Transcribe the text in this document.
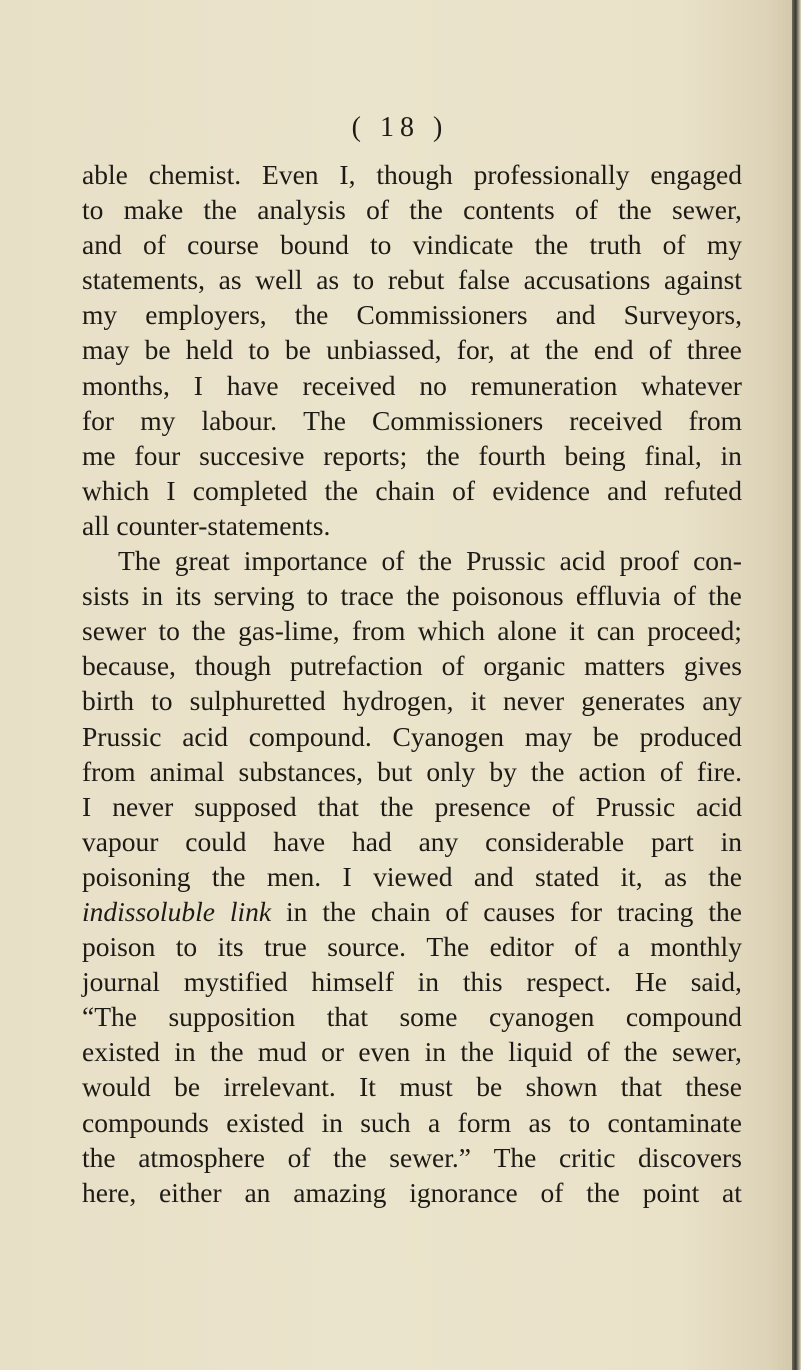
( 18 )
able chemist. Even I, though professionally engaged
to make the analysis of the contents of the sewer,
and of course bound to vindicate the truth of my
statements, as well as to rebut false accusations against
my employers, the Commissioners and Surveyors,
may be held to be unbiassed, for, at the end of three
months, I have received no remuneration whatever
for my labour. The Commissioners received from
me four succesive reports; the fourth being final, in
which I completed the chain of evidence and refuted
all counter-statements.
The great importance of the Prussic acid proof con-
sists in its serving to trace the poisonous effluvia of the
sewer to the gas-lime, from which alone it can proceed;
because, though putrefaction of organic matters gives
birth to sulphuretted hydrogen, it never generates any
Prussic acid compound. Cyanogen may be produced
from animal substances, but only by the action of fire.
I never supposed that the presence of Prussic acid
vapour could have had any considerable part in
poisoning the men. I viewed and stated it, as the
indissoluble link in the chain of causes for tracing the
poison to its true source. The editor of a monthly
journal mystified himself in this respect. He said,
“The supposition that some cyanogen compound
existed in the mud or even in the liquid of the sewer,
would be irrelevant. It must be shown that these
compounds existed in such a form as to contaminate
the atmosphere of the sewer.” The critic discovers
here, either an amazing ignorance of the point at
